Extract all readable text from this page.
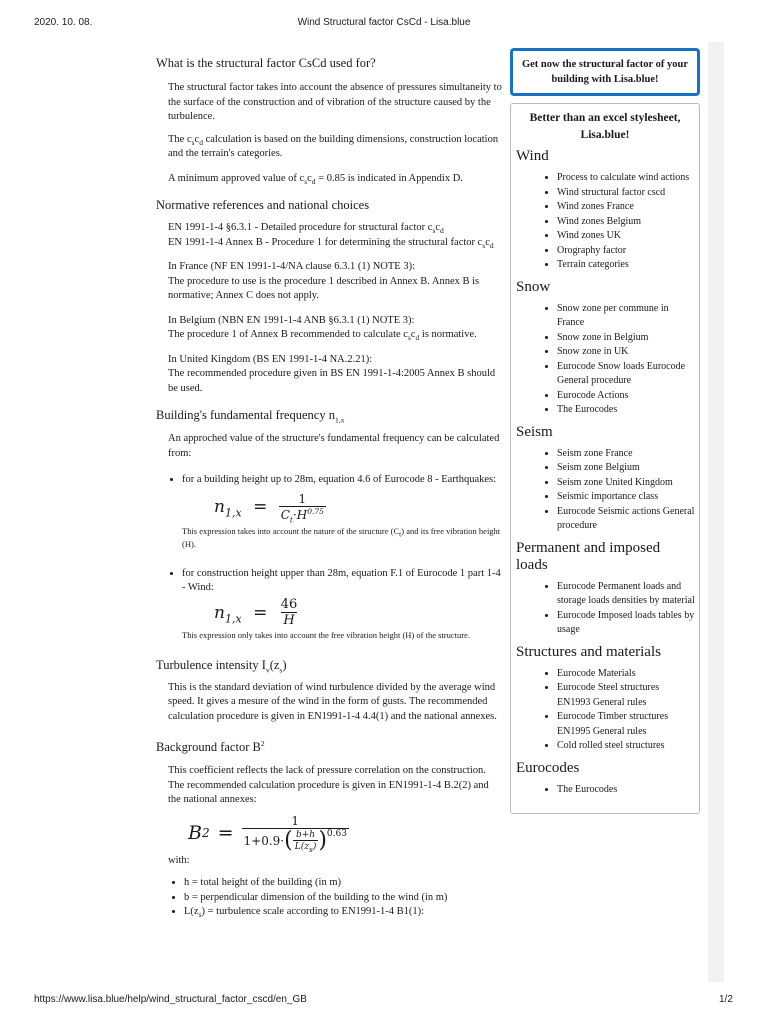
2020. 10. 08.	Wind Structural factor CsCd - Lisa.blue
What is the structural factor CsCd used for?

The structural factor takes into account the absence of pressures simultaneity to the surface of the construction and of vibration of the structure caused by the turbulence.

The $c_sc_d$ calculation is based on the building dimensions, construction location and the terrain's categories.

A minimum approved value of $c_sc_d = 0.85$ is indicated in Appendix D.

Normative references and national choices

EN 1991-1-4 §6.3.1 - Detailed procedure for structural factor $c_sc_d$
EN 1991-1-4 Annex B - Procedure 1 for determining the structural factor $c_sc_d$

In France (NF EN 1991-1-4/NA clause 6.3.1 (1) NOTE 3):
The procedure to use is the procedure 1 described in Annex B. Annex B is normative; Annex C does not apply.

In Belgium (NBN EN 1991-1-4 ANB §6.3.1 (1) NOTE 3):
The procedure 1 of Annex B recommended to calculate $c_sc_d$ is normative.

In United Kingdom (BS EN 1991-1-4 NA.2.21):
The recommended procedure given in BS EN 1991-1-4:2005 Annex B should be used.

Building's fundamental frequency $n_{1,x}$

An approched value of the structure's fundamental frequency can be calculated from:

• for a building height up to 28m, equation 4.6 of Eurocode 8 - Earthquakes:
$n_{1,x} = \frac{1}{C_t\cdot H^{0.75}}$

This expression takes into account the nature of the structure $(C_t)$ and its free vibration height (H).

• for construction height upper than 28m, equation F.1 of Eurocode 1 part 1-4 - Wind:
$n_{1,x} = \frac{46}{H}$

This expression only takes into account the free vibration height (H) of the structure.

Turbulence intensity $I_v(z_s)$

This is the standard deviation of wind turbulence divided by the average wind speed. It gives a mesure of the wind in the form of gusts. The recommended calculation procedure is given in EN1991-1-4 4.4(1) and the national annexes.

Background factor $B^2$

This coefficient reflects the lack of pressure correlation on the construction. The recommended calculation procedure is given in EN1991-1-4 B.2(2) and the national annexes:

B 2 =
1
1+0.9· ( $\frac{b+h}{L(z_s)} )^{0.63}$

with:

• h = total height of the building (in m)
• b = perpendicular dimension of the building to the wind (in m)
• $L(z_s)$ = turbulence scale according to EN1991-1-4 B1(1):
Get now the structural factor of your building with Lisa.blue!
Better than an excel stylesheet, Lisa.blue!
Wind
• Process to calculate wind actions
• Wind structural factor cscd
• Wind zones France
• Wind zones Belgium
• Wind zones UK
• Orography factor
• Terrain categories
Snow
• Snow zone per commune in France
• Snow zone in Belgium
• Snow zone in UK
• Eurocode Snow loads Eurocode General procedure
• Eurocode Actions
• The Eurocodes
Seism
• Seism zone France
• Seism zone Belgium
• Seism zone United Kingdom
• Seismic importance class
• Eurocode Seismic actions General procedure
Permanent and imposed loads
• Eurocode Permanent loads and storage loads densities by material
• Eurocode Imposed loads tables by usage
Structures and materials
• Eurocode Materials
• Eurocode Steel structures EN1993 General rules
• Eurocode Timber structures EN1995 General rules
• Cold rolled steel structures
Eurocodes
• The Eurocodes
https://www.lisa.blue/help/wind_structural_factor_cscd/en_GB	1/2
